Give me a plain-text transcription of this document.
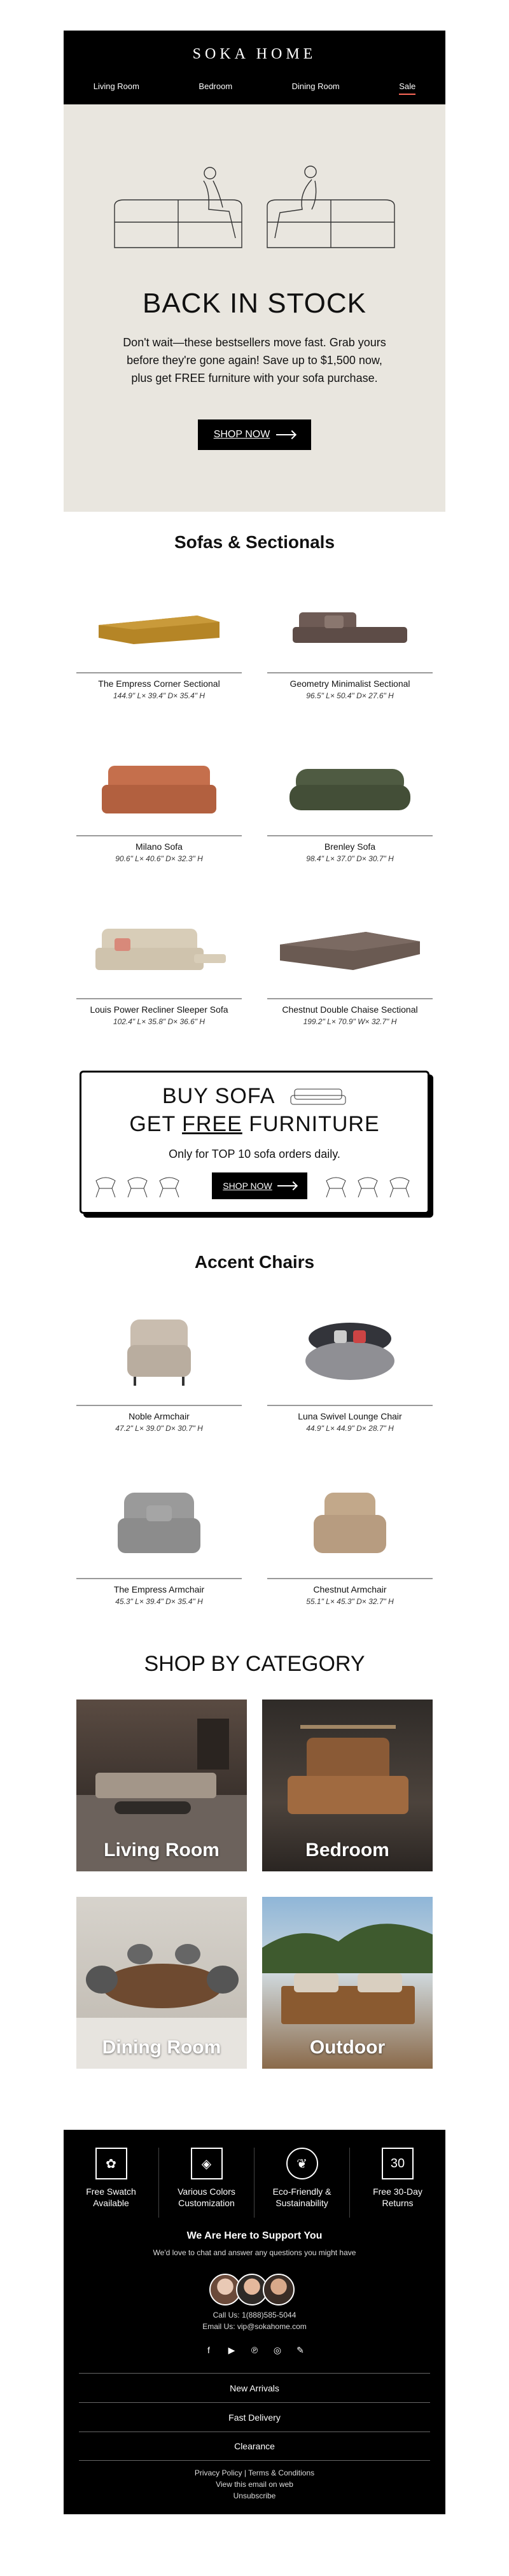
SOKA HOME
Living Room	Bedroom	Dining Room	Sale
BACK IN STOCK

Don't wait—these bestsellers move fast. Grab yours
before they're gone again! Save up to $1,500 now,
plus get FREE furniture with your sofa purchase.

SHOP NOW
Sofas & Sectionals
The Empress Corner Sectional
144.9" L× 39.4" D× 35.4" H
Geometry Minimalist Sectional
96.5" L× 50.4" D× 27.6" H
Milano Sofa
90.6" L× 40.6" D× 32.3" H
Brenley Sofa
98.4" L× 37.0" D× 30.7" H
Louis Power Recliner Sleeper Sofa
102.4" L× 35.8" D× 36.6" H
Chestnut Double Chaise Sectional
199.2" L× 70.9" W× 32.7" H
BUY SOFA
GET FREE FURNITURE
Only for TOP 10 sofa orders daily.
SHOP NOW
Accent Chairs
Noble Armchair
47.2" L× 39.0" D× 30.7" H
Luna Swivel Lounge Chair
44.9" L× 44.9" D× 28.7" H
The Empress Armchair
45.3" L× 39.4" D× 35.4" H
Chestnut Armchair
55.1" L× 45.3" D× 32.7" H
SHOP BY CATEGORY
Living Room	Bedroom
Dining Room	Outdoor
✿
Free Swatch
Available
◈
Various Colors
Customization
❦
Eco-Friendly &
Sustainability
30
Free 30-Day
Returns
We Are Here to Support You
We'd love to chat and answer any questions you might have
Call Us: 1(888)585-5044
Email Us: vip@sokahome.com
f	▶	℗	◎ ✎
New Arrivals
Fast Delivery
Clearance
Privacy Policy | Terms & Conditions
View this email on web
Unsubscribe
